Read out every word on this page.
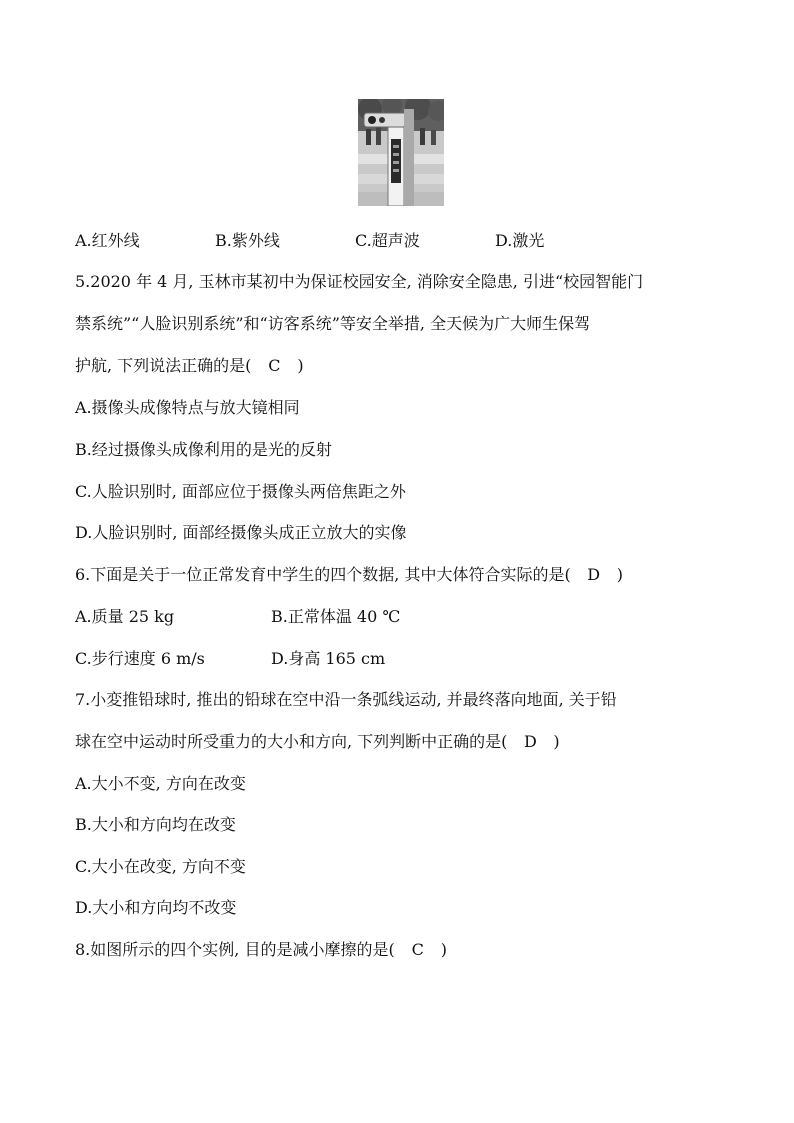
A.红外线	B.紫外线	C.超声波	D.激光
5.2020 年 4 月, 玉林市某初中为保证校园安全, 消除安全隐患, 引进“校园智能门
禁系统”“人脸识别系统”和“访客系统”等安全举措, 全天候为广大师生保驾
护航, 下列说法正确的是( C )
A.摄像头成像特点与放大镜相同
B.经过摄像头成像利用的是光的反射
C.人脸识别时, 面部应位于摄像头两倍焦距之外
D.人脸识别时, 面部经摄像头成正立放大的实像
6.下面是关于一位正常发育中学生的四个数据, 其中大体符合实际的是( D )
A.质量 25 kg	B.正常体温 40 ℃
C.步行速度 6 m/s	D.身高 165 cm
7.小変推铅球时, 推出的铅球在空中沿一条弧线运动, 并最终落向地面, 关于铅
球在空中运动时所受重力的大小和方向, 下列判断中正确的是( D )
A.大小不变, 方向在改变
B.大小和方向均在改变
C.大小在改变, 方向不变
D.大小和方向均不改变
8.如图所示的四个实例, 目的是减小摩擦的是( C )
